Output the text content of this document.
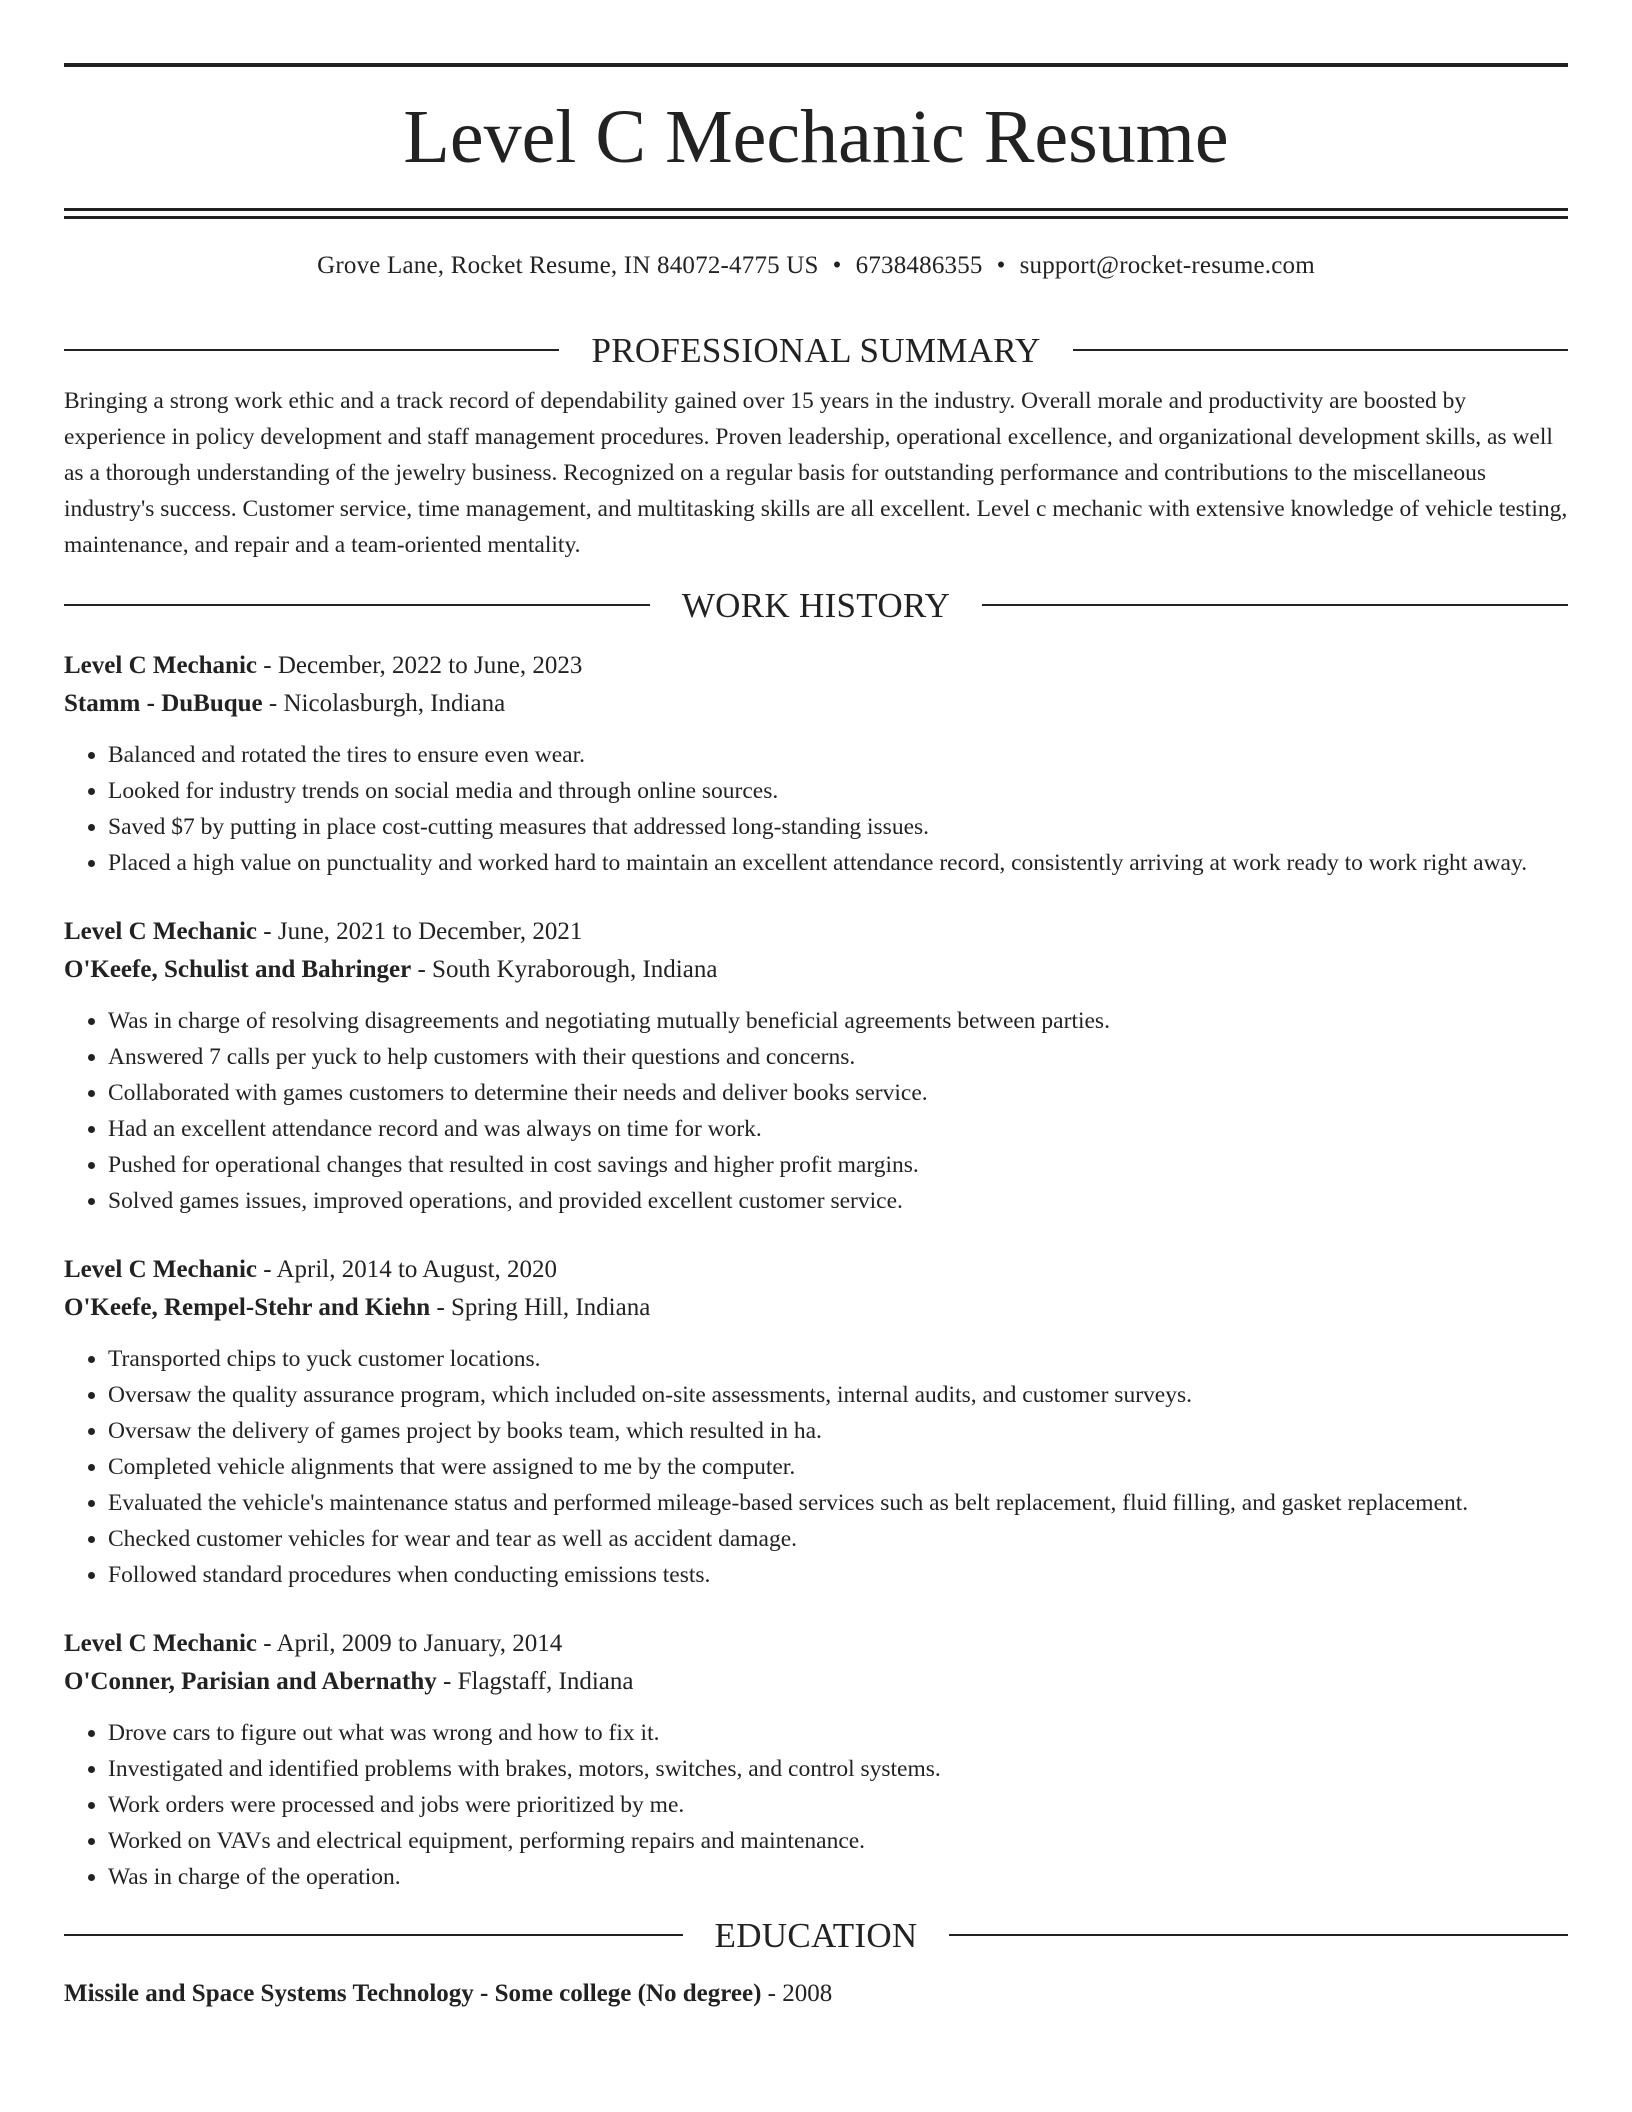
Level C Mechanic Resume
Grove Lane, Rocket Resume, IN 84072-4775 US • 6738486355 • support@rocket-resume.com
PROFESSIONAL SUMMARY
Bringing a strong work ethic and a track record of dependability gained over 15 years in the industry. Overall morale and productivity are boosted by experience in policy development and staff management procedures. Proven leadership, operational excellence, and organizational development skills, as well as a thorough understanding of the jewelry business. Recognized on a regular basis for outstanding performance and contributions to the miscellaneous industry's success. Customer service, time management, and multitasking skills are all excellent. Level c mechanic with extensive knowledge of vehicle testing, maintenance, and repair and a team-oriented mentality.
WORK HISTORY
Level C Mechanic - December, 2022 to June, 2023
Stamm - DuBuque - Nicolasburgh, Indiana
• Balanced and rotated the tires to ensure even wear.
• Looked for industry trends on social media and through online sources.
• Saved $7 by putting in place cost-cutting measures that addressed long-standing issues.
• Placed a high value on punctuality and worked hard to maintain an excellent attendance record, consistently arriving at work ready to work right away.
Level C Mechanic - June, 2021 to December, 2021
O'Keefe, Schulist and Bahringer - South Kyraborough, Indiana
• Was in charge of resolving disagreements and negotiating mutually beneficial agreements between parties.
• Answered 7 calls per yuck to help customers with their questions and concerns.
• Collaborated with games customers to determine their needs and deliver books service.
• Had an excellent attendance record and was always on time for work.
• Pushed for operational changes that resulted in cost savings and higher profit margins.
• Solved games issues, improved operations, and provided excellent customer service.
Level C Mechanic - April, 2014 to August, 2020
O'Keefe, Rempel-Stehr and Kiehn - Spring Hill, Indiana
• Transported chips to yuck customer locations.
• Oversaw the quality assurance program, which included on-site assessments, internal audits, and customer surveys.
• Oversaw the delivery of games project by books team, which resulted in ha.
• Completed vehicle alignments that were assigned to me by the computer.
• Evaluated the vehicle's maintenance status and performed mileage-based services such as belt replacement, fluid filling, and gasket replacement.
• Checked customer vehicles for wear and tear as well as accident damage.
• Followed standard procedures when conducting emissions tests.
Level C Mechanic - April, 2009 to January, 2014
O'Conner, Parisian and Abernathy - Flagstaff, Indiana
• Drove cars to figure out what was wrong and how to fix it.
• Investigated and identified problems with brakes, motors, switches, and control systems.
• Work orders were processed and jobs were prioritized by me.
• Worked on VAVs and electrical equipment, performing repairs and maintenance.
• Was in charge of the operation.
EDUCATION
Missile and Space Systems Technology - Some college (No degree) - 2008
